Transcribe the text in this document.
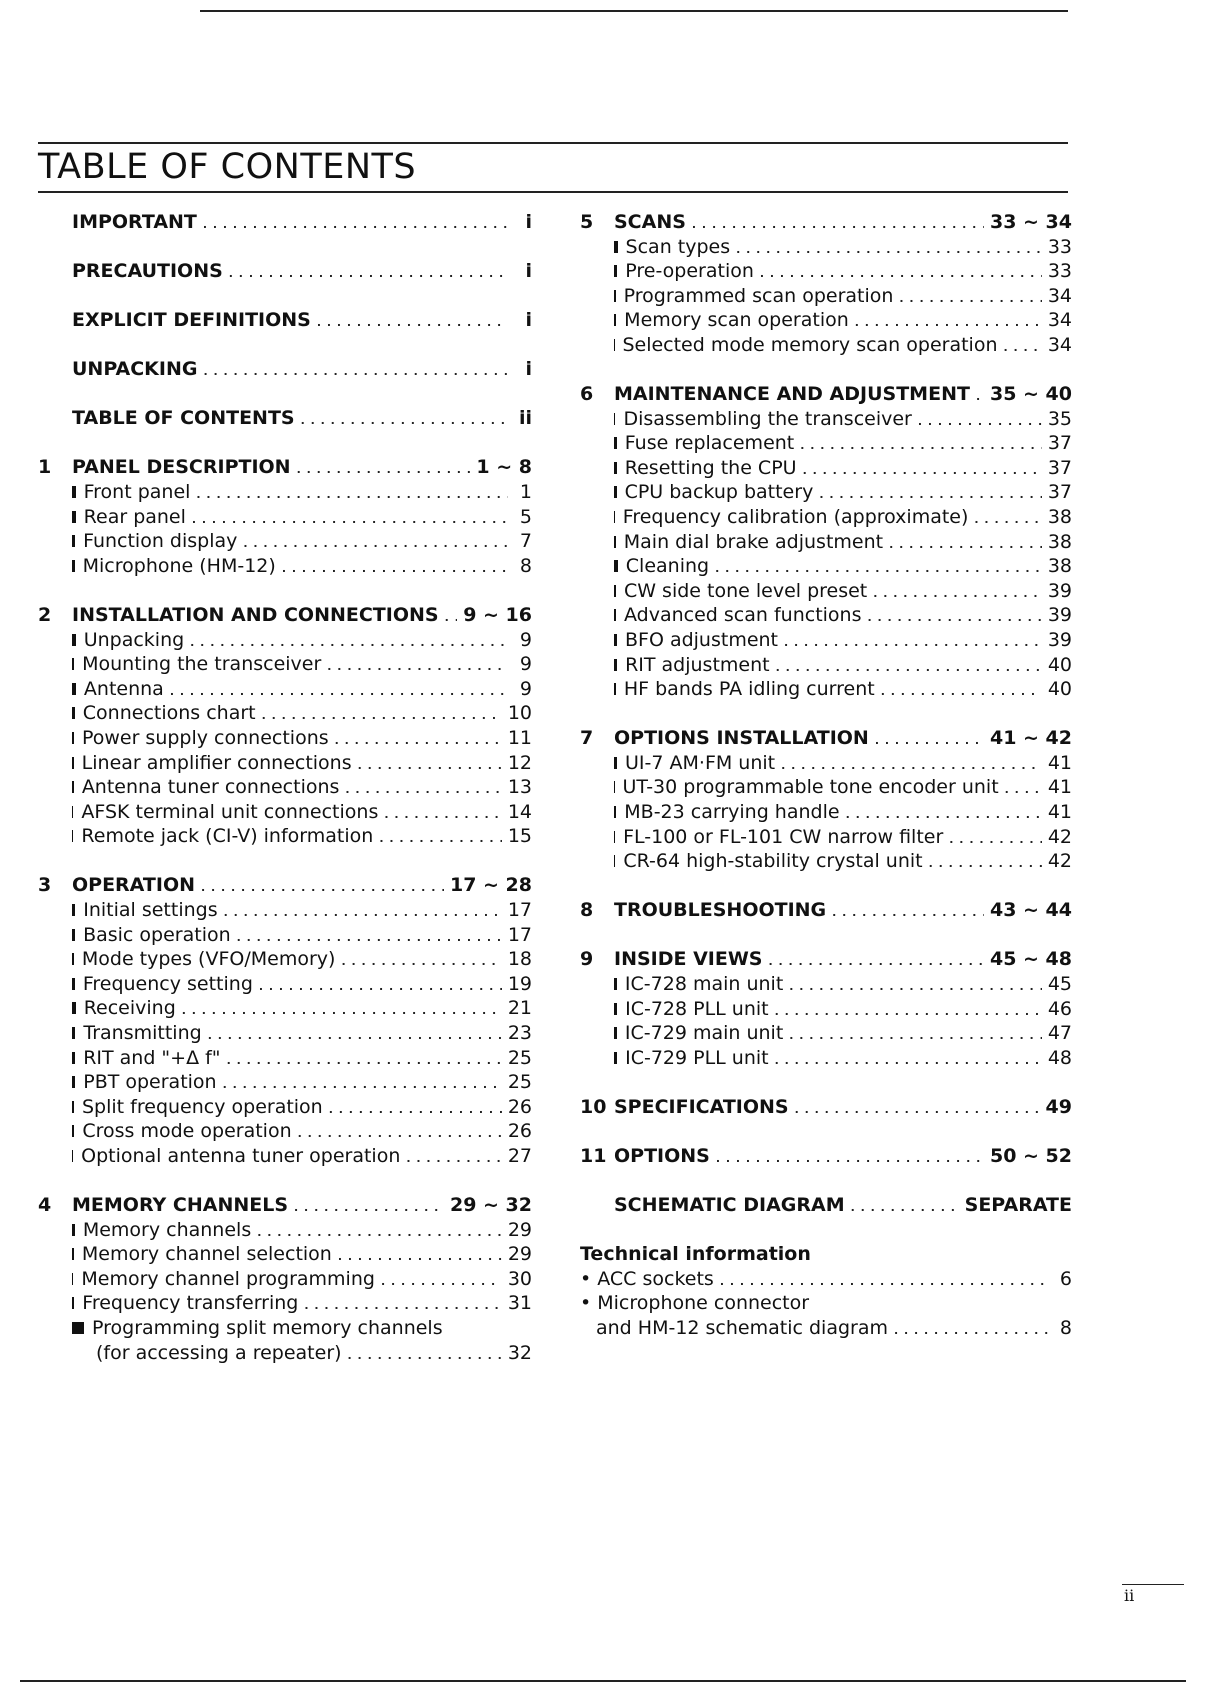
TABLE OF CONTENTS
IMPORTANT . . .	i
PRECAUTIONS . . .	i
EXPLICIT DEFINITIONS . . .	i
UNPACKING . . .	i
TABLE OF CONTENTS . . .	ii
1	PANEL DESCRIPTION . . .	1 ~ 8
Front panel . . .	1
Rear panel . . .	5
Function display . . .	7
Microphone (HM-12) . . .	8
2	INSTALLATION AND CONNECTIONS . . . 9 ~ 16
Unpacking . . .	9
Mounting the transceiver . . .	9
Antenna . . .	9
Connections chart . . .	10
Power supply connections . . .	11
Linear amplifier connections . . .	12
Antenna tuner connections . . .	13
AFSK terminal unit connections . . .	14
Remote jack (CI-V) information . . .	15
3	OPERATION . . .	17 ~ 28
Initial settings . . .	17
Basic operation . . .	17
Mode types (VFO/Memory) . . .	18
Frequency setting . . .	19
Receiving . . .	21
Transmitting . . .	23
RIT and "+Δ f" . . .	25
PBT operation . . .	25
Split frequency operation . . .	26
Cross mode operation . . .	26
Optional antenna tuner operation . . .	27
4	MEMORY CHANNELS . . .	29 ~ 32
Memory channels . . .	29
Memory channel selection . . .	29
Memory channel programming . . .	30
Frequency transferring . . .	31
Programming split memory channels
(for accessing a repeater) . . .	32
5	SCANS . . .	33 ~ 34
Scan types . . .	33
Pre-operation . . .	33
Programmed scan operation . . .	34
Memory scan operation . . .	34
Selected mode memory scan operation . . .	34
6	MAINTENANCE AND ADJUSTMENT . . . 35 ~ 40
Disassembling the transceiver . . .	35
Fuse replacement . . .	37
Resetting the CPU . . .	37
CPU backup battery . . .	37
Frequency calibration (approximate) . . .	38
Main dial brake adjustment . . .	38
Cleaning . . .	38
CW side tone level preset . . .	39
Advanced scan functions . . .	39
BFO adjustment . . .	39
RIT adjustment . . .	40
HF bands PA idling current . . .	40
7	OPTIONS INSTALLATION . . .	41 ~ 42
UI-7 AM·FM unit . . .	41
UT-30 programmable tone encoder unit . . .	41
MB-23 carrying handle . . .	41
FL-100 or FL-101 CW narrow filter . . .	42
CR-64 high-stability crystal unit . . .	42
8	TROUBLESHOOTING . . .	43 ~ 44
9	INSIDE VIEWS . . .	45 ~ 48
IC-728 main unit . . .	45
IC-728 PLL unit . . .	46
IC-729 main unit . . .	47
IC-729 PLL unit . . .	48
10 SPECIFICATIONS . . .	49
11 OPTIONS . . .	50 ~ 52
SCHEMATIC DIAGRAM . . .	SEPARATE
Technical information
• ACC sockets . . .	6
• Microphone connector
and HM-12 schematic diagram . . .	8
ii
